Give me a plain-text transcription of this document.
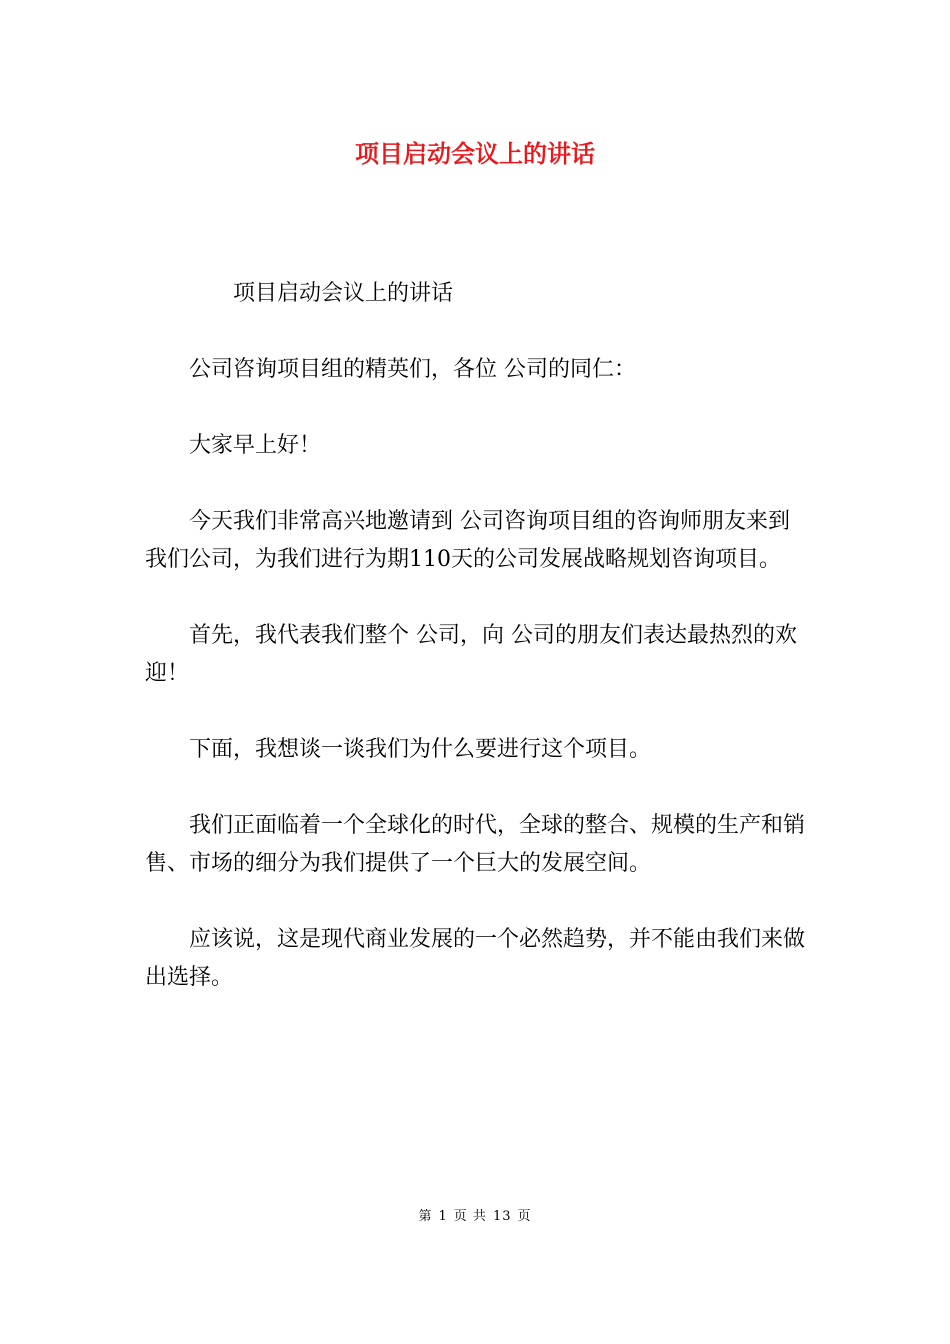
项目启动会议上的讲话

项目启动会议上的讲话

公司咨询项目组的精英们，各位 公司的同仁：

大家早上好！

今天我们非常高兴地邀请到 公司咨询项目组的咨询师朋友来到我们公司，为我们进行为期110天的公司发展战略规划咨询项目。

首先，我代表我们整个 公司，向 公司的朋友们表达最热烈的欢迎！

下面，我想谈一谈我们为什么要进行这个项目。

我们正面临着一个全球化的时代，全球的整合、规模的生产和销售、市场的细分为我们提供了一个巨大的发展空间。

应该说，这是现代商业发展的一个必然趋势，并不能由我们来做出选择。

第 1 页 共 13 页
